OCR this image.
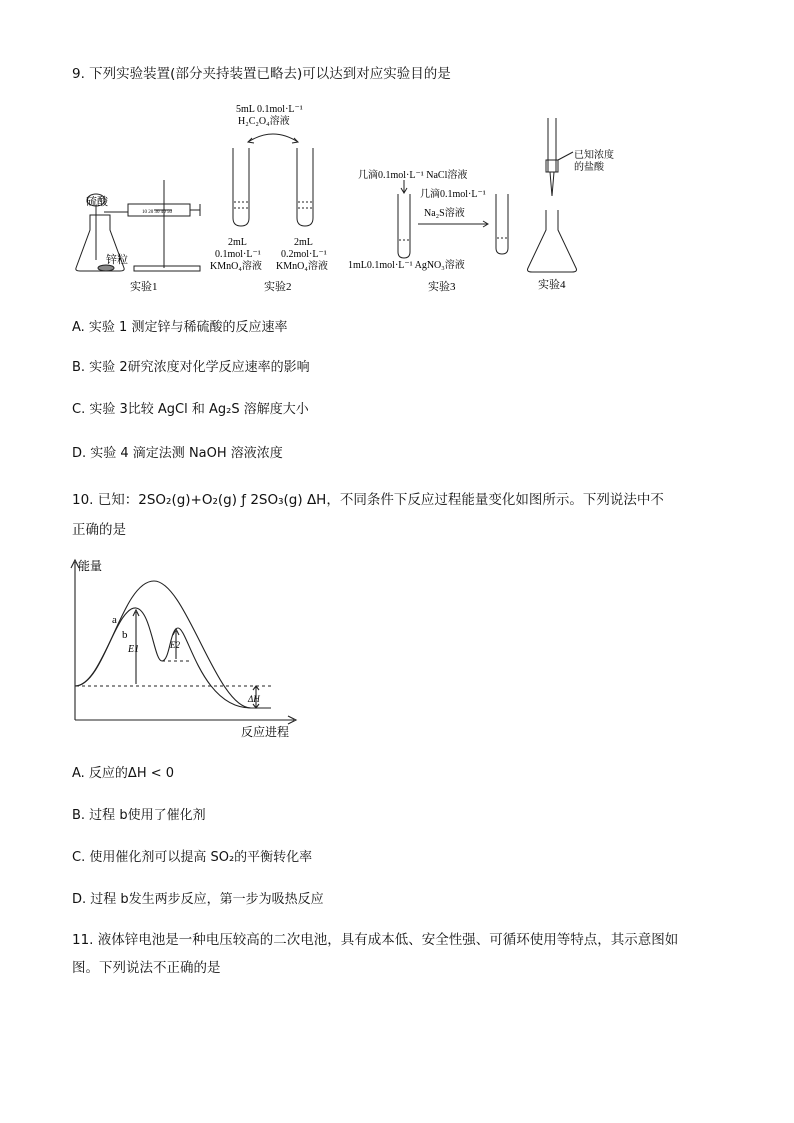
9. 下列实验装置(部分夹持装置已略去)可以达到对应实验目的是
硫酸
锌粒
10 20 30 40 50
实验1
5mL 0.1mol·L⁻¹
H₂C₂O₄溶液
2mL
0.1mol·L⁻¹
KMnO₄溶液
2mL
0.2mol·L⁻¹
KMnO₄溶液
实验2
几滴0.1mol·L⁻¹ NaCl溶液
几滴0.1mol·L⁻¹
Na₂S溶液
1mL0.1mol·L⁻¹ AgNO₃溶液
实验3
已知浓度
的盐酸
实验4
A. 实验 1 测定锌与稀硫酸的反应速率
B. 实验 2研究浓度对化学反应速率的影响
C. 实验 3比较 AgCl 和 Ag₂S 溶解度大小
D. 实验 4 滴定法测 NaOH 溶液浓度
10. 已知：2SO₂(g)+O₂(g) ƒ 2SO₃(g) ΔH，不同条件下反应过程能量变化如图所示。下列说法中不
正确的是
能量
反应进程
a
b
E1	E2
ΔH
A. 反应的ΔH < 0
B. 过程 b使用了催化剂
C. 使用催化剂可以提高 SO₂的平衡转化率
D. 过程 b发生两步反应，第一步为吸热反应
11. 液体锌电池是一种电压较高的二次电池，具有成本低、安全性强、可循环使用等特点，其示意图如
图。下列说法不正确的是
